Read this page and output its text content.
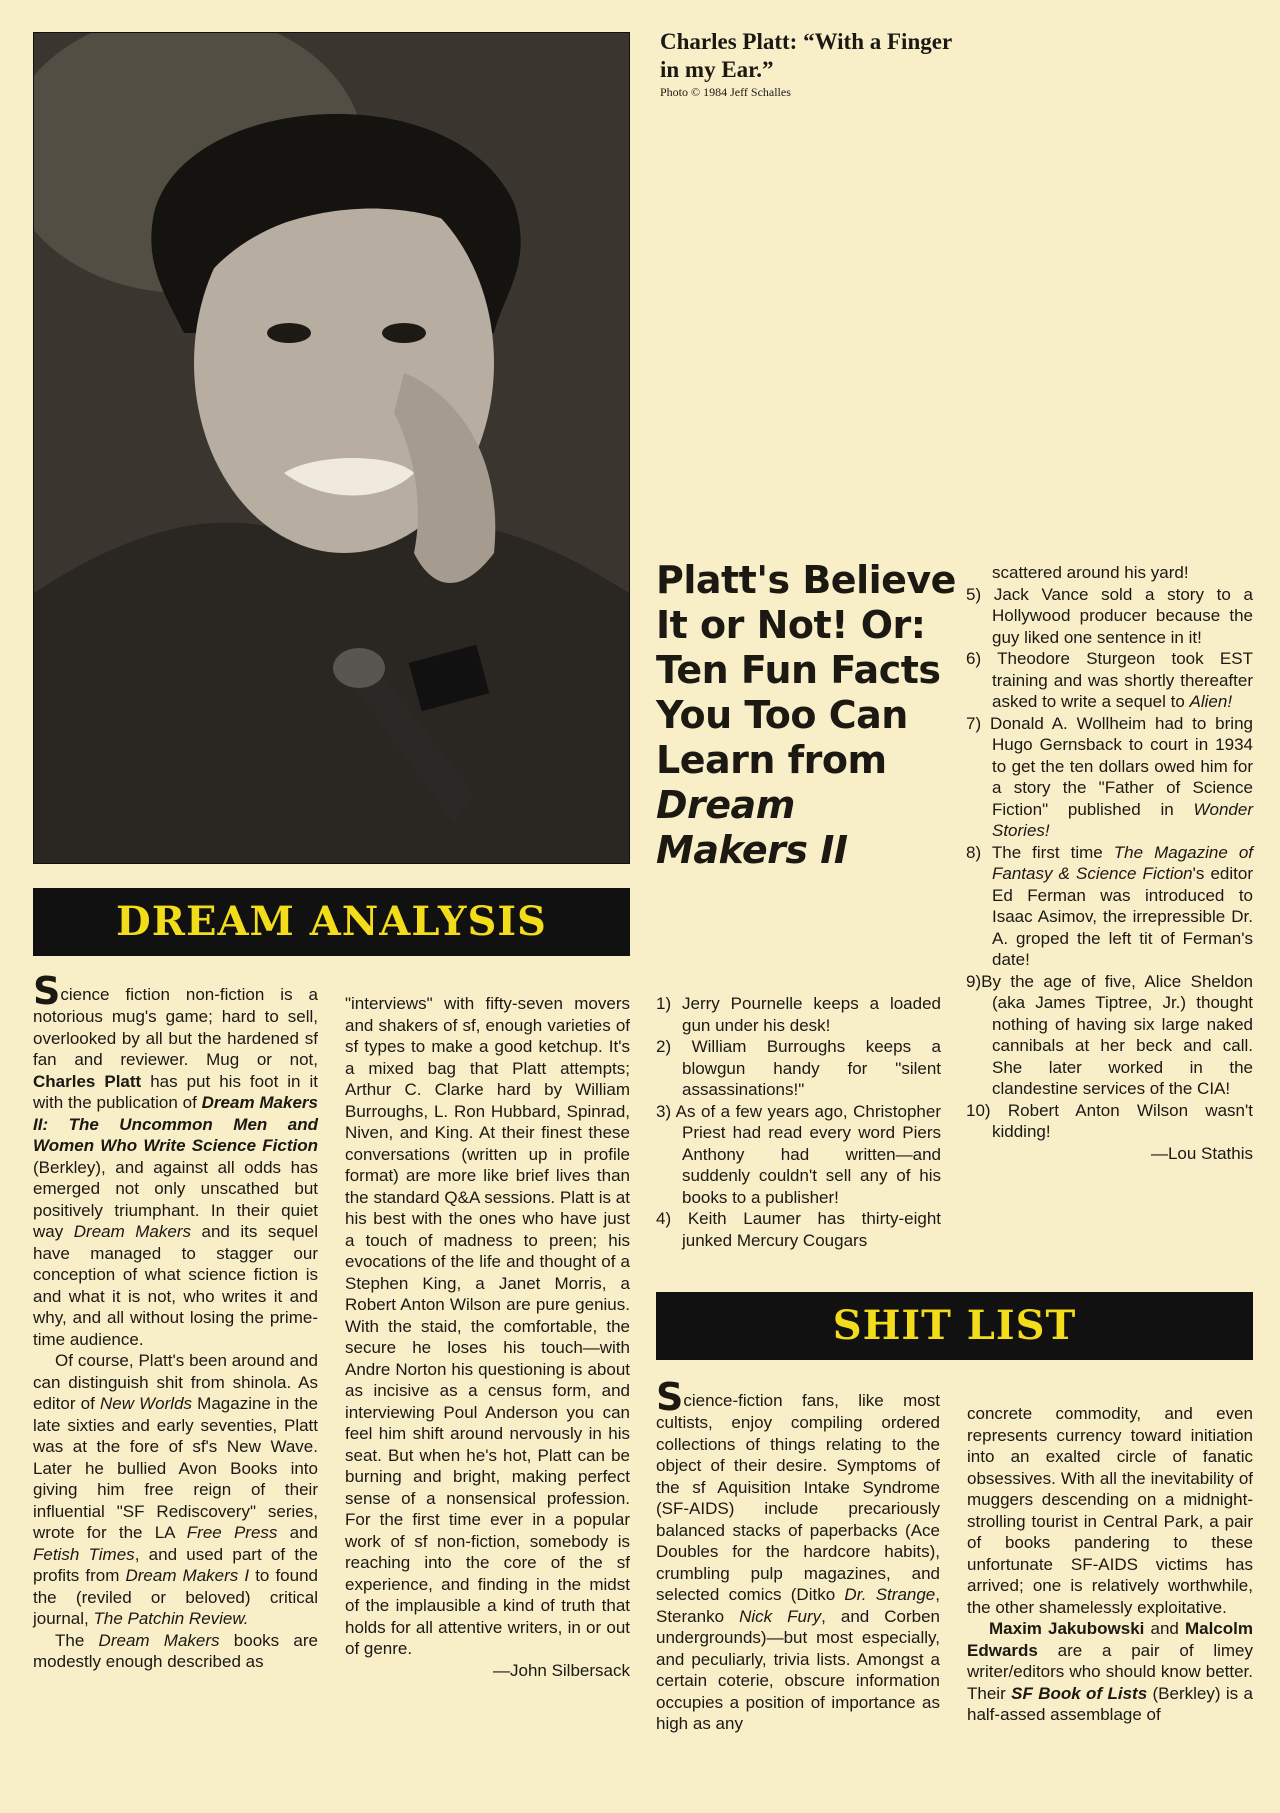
Charles Platt: “With a Finger in my Ear.”
Photo © 1984 Jeff Schalles
DREAM ANALYSIS

Science fiction non-fiction is a notorious mug's game; hard to sell, overlooked by all but the hardened sf fan and reviewer. Mug or not, Charles Platt has put his foot in it with the publication of Dream Makers II: The Uncommon Men and Women Who Write Science Fiction (Berkley), and against all odds has emerged not only unscathed but positively triumphant. In their quiet way Dream Makers and its sequel have managed to stagger our conception of what science fiction is and what it is not, who writes it and why, and all without losing the prime-time audience.

Of course, Platt's been around and can distinguish shit from shinola. As editor of New Worlds Magazine in the late sixties and early seventies, Platt was at the fore of sf's New Wave. Later he bullied Avon Books into giving him free reign of their influential "SF Rediscovery" series, wrote for the LA Free Press and Fetish Times, and used part of the profits from Dream Makers I to found the (reviled or beloved) critical journal, The Patchin Review.

The Dream Makers books are modestly enough described as

"interviews" with fifty-seven movers and shakers of sf, enough varieties of sf types to make a good ketchup. It's a mixed bag that Platt attempts; Arthur C. Clarke hard by William Burroughs, L. Ron Hubbard, Spinrad, Niven, and King. At their finest these conversations (written up in profile format) are more like brief lives than the standard Q&A sessions. Platt is at his best with the ones who have just a touch of madness to preen; his evocations of the life and thought of a Stephen King, a Janet Morris, a Robert Anton Wilson are pure genius. With the staid, the comfortable, the secure he loses his touch—with Andre Norton his questioning is about as incisive as a census form, and interviewing Poul Anderson you can feel him shift around nervously in his seat. But when he's hot, Platt can be burning and bright, making perfect sense of a nonsensical profession. For the first time ever in a popular work of sf non-fiction, somebody is reaching into the core of the sf experience, and finding in the midst of the implausible a kind of truth that holds for all attentive writers, in or out of genre.

—John Silbersack

Platt's Believe It or Not! Or: Ten Fun Facts You Too Can Learn from Dream Makers II
1) Jerry Pournelle keeps a loaded gun under his desk!
2) William Burroughs keeps a blowgun handy for "silent assassinations!"
3) As of a few years ago, Christopher Priest had read every word Piers Anthony had written—and suddenly couldn't sell any of his books to a publisher!
4) Keith Laumer has thirty-eight junked Mercury Cougars
scattered around his yard!
5) Jack Vance sold a story to a Hollywood producer because the guy liked one sentence in it!
6) Theodore Sturgeon took EST training and was shortly thereafter asked to write a sequel to Alien!
7) Donald A. Wollheim had to bring Hugo Gernsback to court in 1934 to get the ten dollars owed him for a story the "Father of Science Fiction" published in Wonder Stories!
8) The first time The Magazine of Fantasy & Science Fiction's editor Ed Ferman was introduced to Isaac Asimov, the irrepressible Dr. A. groped the left tit of Ferman's date!
9)By the age of five, Alice Sheldon (aka James Tiptree, Jr.) thought nothing of having six large naked cannibals at her beck and call. She later worked in the clandestine services of the CIA!
10) Robert Anton Wilson wasn't kidding!
—Lou Stathis
SHIT LIST

Science-fiction fans, like most cultists, enjoy compiling ordered collections of things relating to the object of their desire. Symptoms of the sf Aquisition Intake Syndrome (SF-AIDS) include precariously balanced stacks of paperbacks (Ace Doubles for the hardcore habits), crumbling pulp magazines, and selected comics (Ditko Dr. Strange, Steranko Nick Fury, and Corben undergrounds)—but most especially, and peculiarly, trivia lists. Amongst a certain coterie, obscure information occupies a position of importance as high as any

concrete commodity, and even represents currency toward initiation into an exalted circle of fanatic obsessives. With all the inevitability of muggers descending on a midnight-strolling tourist in Central Park, a pair of books pandering to these unfortunate SF-AIDS victims has arrived; one is relatively worthwhile, the other shamelessly exploitative.

Maxim Jakubowski and Malcolm Edwards are a pair of limey writer/editors who should know better. Their SF Book of Lists (Berkley) is a half-assed assemblage of
